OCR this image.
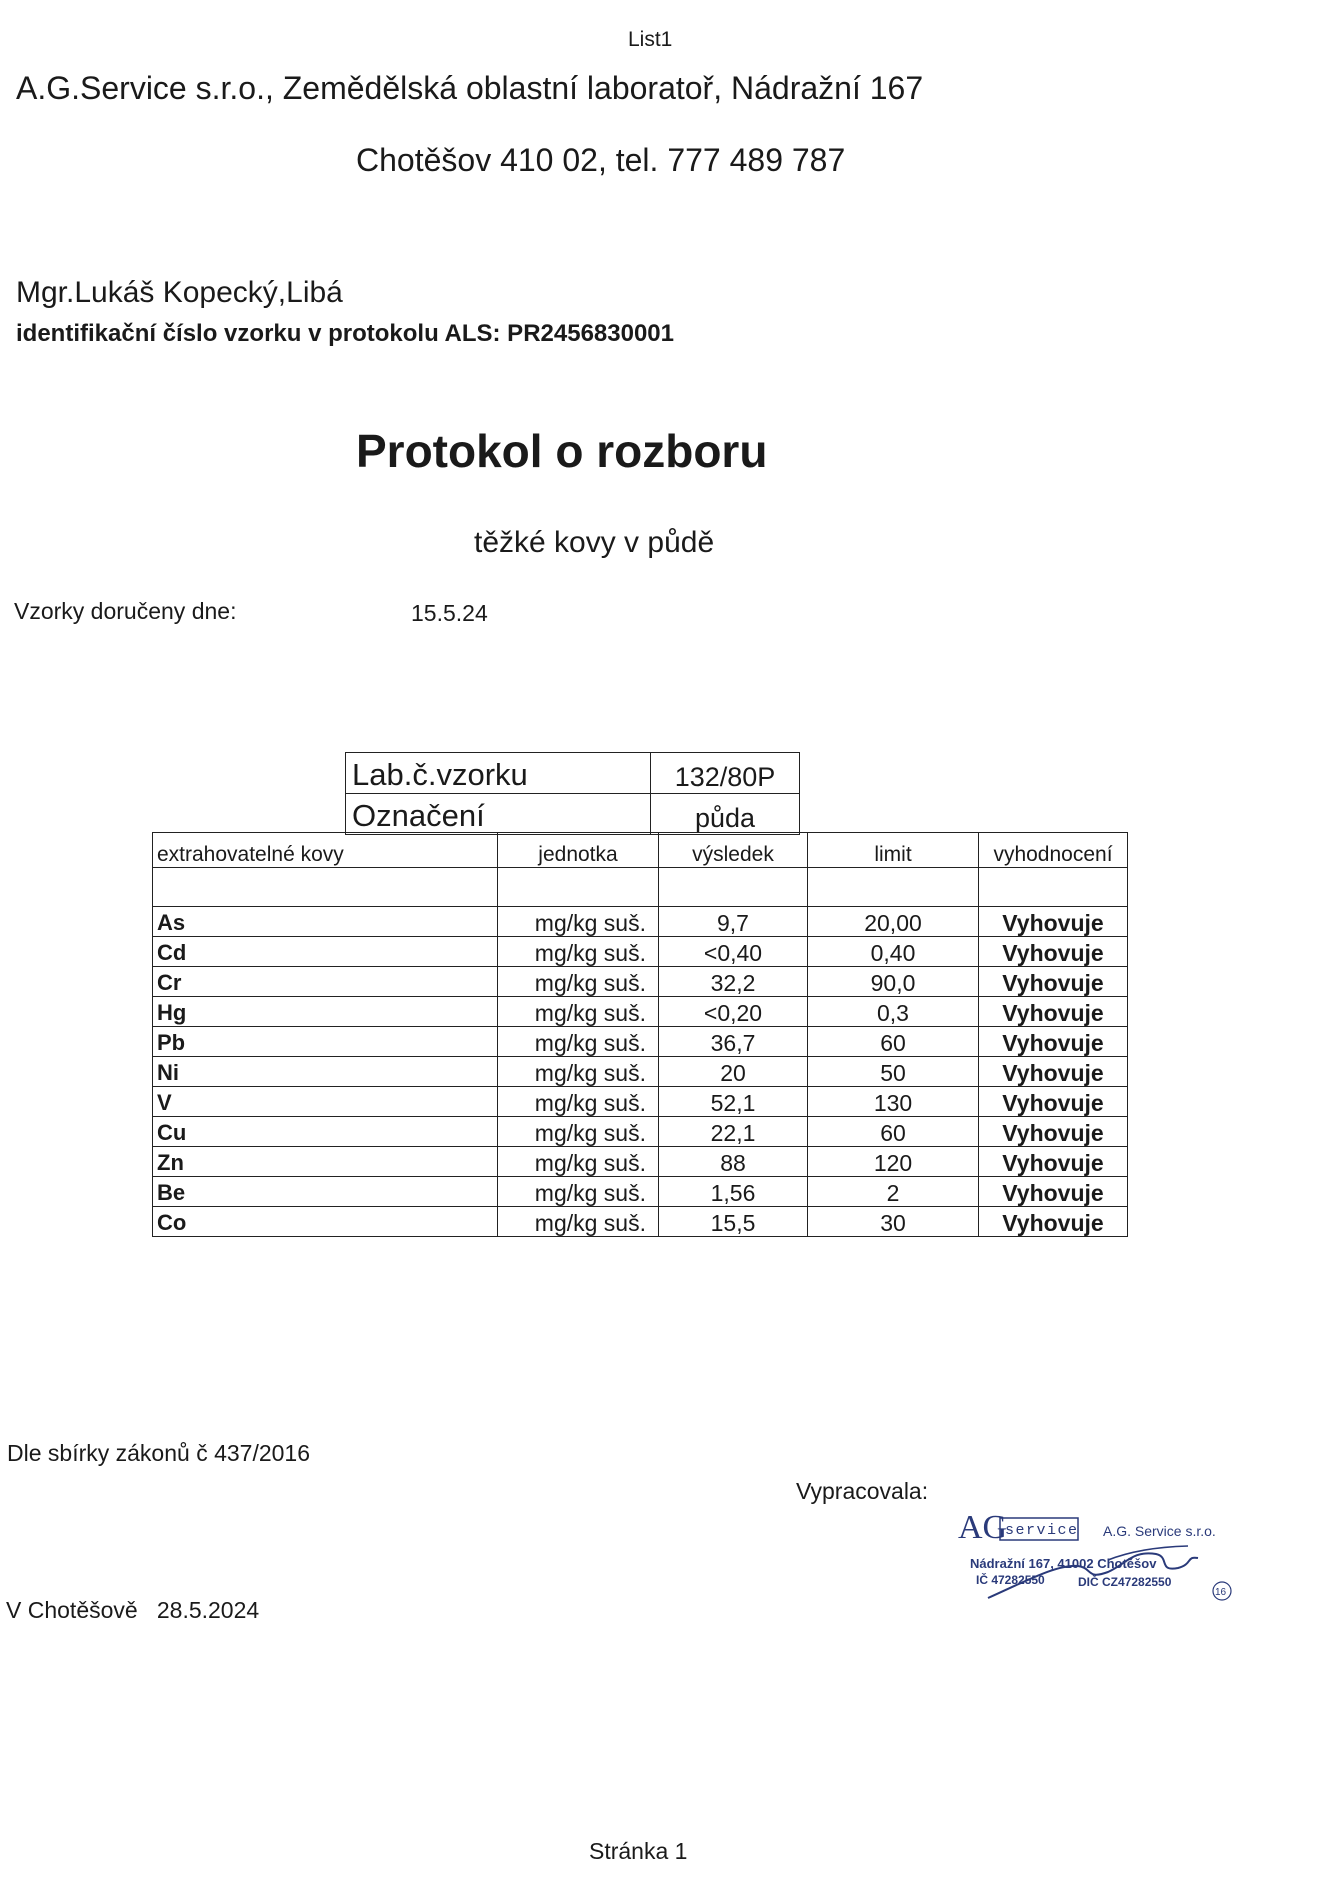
List1
A.G.Service s.r.o., Zemědělská oblastní laboratoř, Nádražní 167
Chotěšov 410 02, tel. 777 489 787
Mgr.Lukáš Kopecký,Libá
identifikační číslo vzorku v protokolu ALS: PR2456830001
Protokol o rozboru
těžké kovy v půdě
Vzorky doručeny dne:	15.5.24
Lab.č.vzorku	132/80P
Označení	půda
extrahovatelné kovy	jednotka	výsledek	limit	vyhodnocení

As	mg/kg suš.	9,7	20,00	Vyhovuje
Cd	mg/kg suš.	<0,40	0,40	Vyhovuje
Cr	mg/kg suš.	32,2	90,0	Vyhovuje
Hg	mg/kg suš.	<0,20	0,3	Vyhovuje
Pb	mg/kg suš.	36,7	60	Vyhovuje
Ni	mg/kg suš.	20	50	Vyhovuje
V	mg/kg suš.	52,1	130	Vyhovuje
Cu	mg/kg suš.	22,1	60	Vyhovuje
Zn	mg/kg suš.	88	120	Vyhovuje
Be	mg/kg suš.	1,56	2	Vyhovuje
Co	mg/kg suš.	15,5	30	Vyhovuje
Dle sbírky zákonů č 437/2016
Vypracovala:
V Chotěšově   28.5.2024
AG
service A.G. Service s.r.o.
Nádražní 167, 41002 Chotěšov
IČ 47282550	DIČ CZ47282550
16
Stránka 1
